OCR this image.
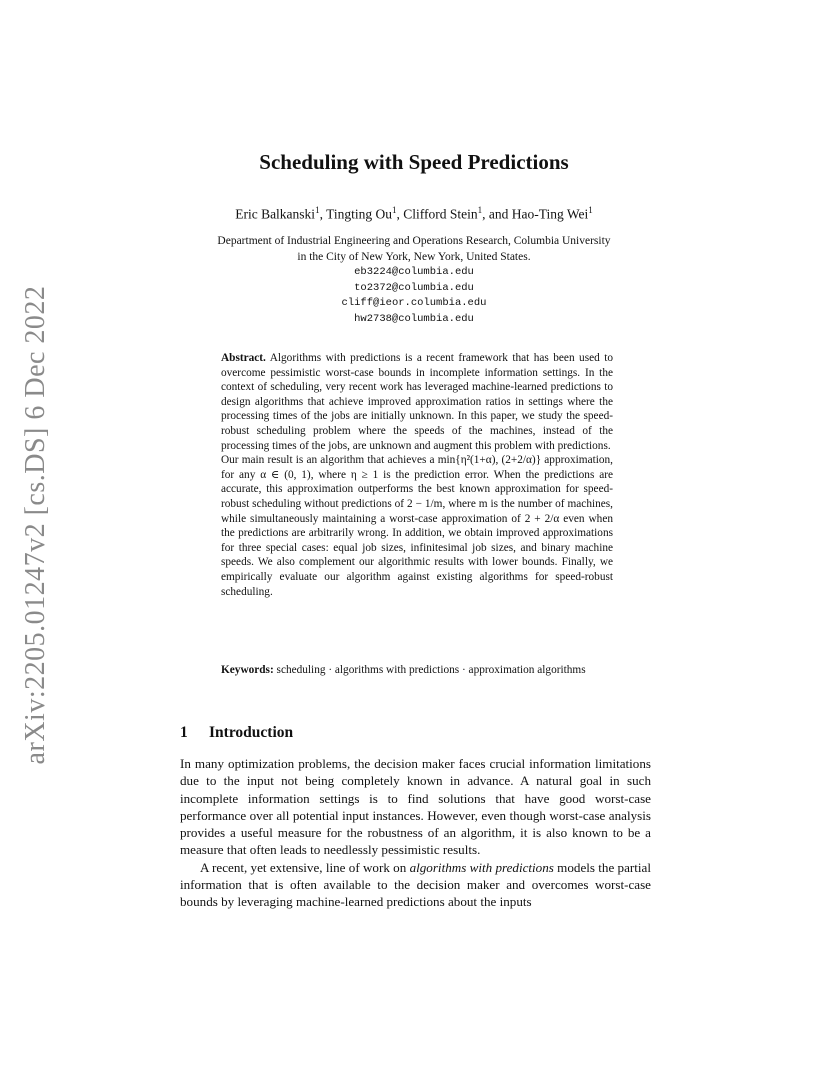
arXiv:2205.01247v2 [cs.DS] 6 Dec 2022
Scheduling with Speed Predictions
Eric Balkanski$^1$, Tingting Ou$^1$, Clifford Stein$^1$, and Hao-Ting Wei$^1$
Department of Industrial Engineering and Operations Research, Columbia University
in the City of New York, New York, United States.
eb3224@columbia.edu
to2372@columbia.edu
cliff@ieor.columbia.edu
hw2738@columbia.edu

Abstract. Algorithms with predictions is a recent framework that has been used to overcome pessimistic worst-case bounds in incomplete information settings. In the context of scheduling, very recent work has leveraged machine-learned predictions to design algorithms that achieve improved approximation ratios in settings where the processing times of the jobs are initially unknown. In this paper, we study the speed-robust scheduling problem where the speeds of the machines, instead of the processing times of the jobs, are unknown and augment this problem with predictions.

Our main result is an algorithm that achieves a min{η²(1+α), (2+2/α)} approximation, for any α ∈ (0, 1), where η ≥ 1 is the prediction error. When the predictions are accurate, this approximation outperforms the best known approximation for speed-robust scheduling without predictions of 2 − 1/m, where m is the number of machines, while simultaneously maintaining a worst-case approximation of 2 + 2/α even when the predictions are arbitrarily wrong. In addition, we obtain improved approximations for three special cases: equal job sizes, infinitesimal job sizes, and binary machine speeds. We also complement our algorithmic results with lower bounds. Finally, we empirically evaluate our algorithm against existing algorithms for speed-robust scheduling.

Keywords: scheduling · algorithms with predictions · approximation algorithms
1 Introduction

In many optimization problems, the decision maker faces crucial information limitations due to the input not being completely known in advance. A natural goal in such incomplete information settings is to find solutions that have good worst-case performance over all potential input instances. However, even though worst-case analysis provides a useful measure for the robustness of an algorithm, it is also known to be a measure that often leads to needlessly pessimistic results.

A recent, yet extensive, line of work on algorithms with predictions models the partial information that is often available to the decision maker and overcomes worst-case bounds by leveraging machine-learned predictions about the inputs
